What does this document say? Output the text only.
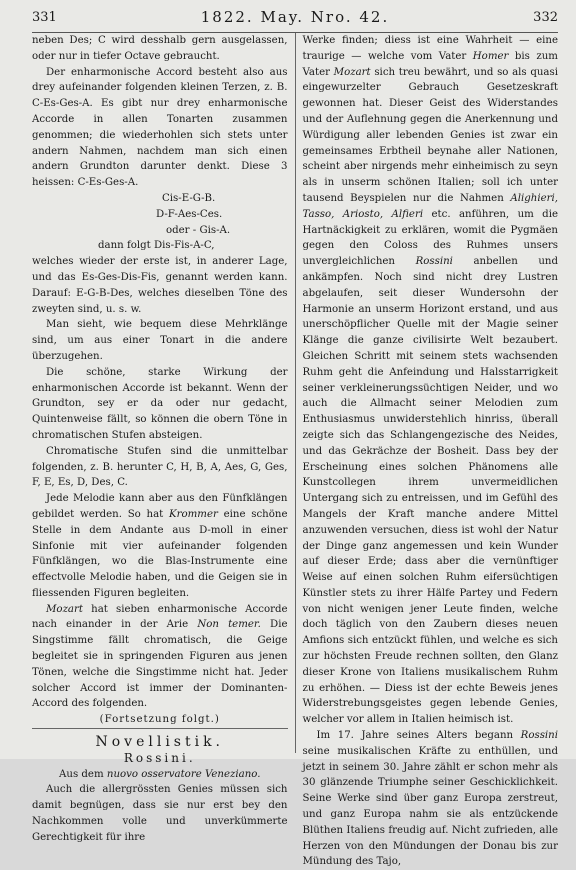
331	1822. May. Nro. 42.	332

neben Des; C wird desshalb gern ausgelassen, oder nur in tiefer Octave gebraucht.

Der enharmonische Accord besteht also aus drey aufeinander folgenden kleinen Terzen, z. B. C-Es-Ges-A. Es gibt nur drey enharmonische Accorde in allen Tonarten zusammen genommen; die wiederhohlen sich stets unter andern Nahmen, nachdem man sich einen andern Grundton darunter denkt. Diese 3 heissen: C-Es-Ges-A.

Cis-E-G-B.

D-F-Aes-Ces.

oder - Gis-A.

dann folgt Dis-Fis-A-C,

welches wieder der erste ist, in anderer Lage, und das Es-Ges-Dis-Fis, genannt werden kann. Darauf: E-G-B-Des, welches dieselben Töne des zweyten sind, u. s. w.

Man sieht, wie bequem diese Mehrklänge sind, um aus einer Tonart in die andere überzugehen.

Die schöne, starke Wirkung der enharmonischen Accorde ist bekannt. Wenn der Grundton, sey er da oder nur gedacht, Quintenweise fällt, so können die obern Töne in chromatischen Stufen absteigen.

Chromatische Stufen sind die unmittelbar folgenden, z. B. herunter C, H, B, A, Aes, G, Ges, F, E, Es, D, Des, C.

Jede Melodie kann aber aus den Fünfklängen gebildet werden. So hat Krommer eine schöne Stelle in dem Andante aus D-moll in einer Sinfonie mit vier aufeinander folgenden Fünfklängen, wo die Blas-Instrumente eine effectvolle Melodie haben, und die Geigen sie in fliessenden Figuren begleiten.

Mozart hat sieben enharmonische Accorde nach einander in der Arie Non temer. Die Singstimme fällt chromatisch, die Geige begleitet sie in springenden Figuren aus jenen Tönen, welche die Singstimme nicht hat. Jeder solcher Accord ist immer der Dominanten-Accord des folgenden.

(Fortsetzung folgt.)

Novellistik.

Rossini.

Aus dem nuovo osservatore Veneziano.

Auch die allergrössten Genies müssen sich damit begnügen, dass sie nur erst bey den Nachkommen volle und unverkümmerte Gerechtigkeit für ihre

Werke finden; diess ist eine Wahrheit — eine traurige — welche vom Vater Homer bis zum Vater Mozart sich treu bewährt, und so als quasi eingewurzelter Gebrauch Gesetzeskraft gewonnen hat. Dieser Geist des Widerstandes und der Auflehnung gegen die Anerkennung und Würdigung aller lebenden Genies ist zwar ein gemeinsames Erbtheil beynahe aller Nationen, scheint aber nirgends mehr einheimisch zu seyn als in unserm schönen Italien; soll ich unter tausend Beyspielen nur die Nahmen Alighieri, Tasso, Ariosto, Alfieri etc. anführen, um die Hartnäckigkeit zu erklären, womit die Pygmäen gegen den Coloss des Ruhmes unsers unvergleichlichen Rossini anbellen und ankämpfen. Noch sind nicht drey Lustren abgelaufen, seit dieser Wundersohn der Harmonie an unserm Horizont erstand, und aus unerschöpflicher Quelle mit der Magie seiner Klänge die ganze civilisirte Welt bezaubert. Gleichen Schritt mit seinem stets wachsenden Ruhm geht die Anfeindung und Halsstarrigkeit seiner verkleinerungssüchtigen Neider, und wo auch die Allmacht seiner Melodien zum Enthusiasmus unwiderstehlich hinriss, überall zeigte sich das Schlangengezische des Neides, und das Gekrächze der Bosheit. Dass bey der Erscheinung eines solchen Phänomens alle Kunstcollegen ihrem unvermeidlichen Untergang sich zu entreissen, und im Gefühl des Mangels der Kraft manche andere Mittel anzuwenden versuchen, diess ist wohl der Natur der Dinge ganz angemessen und kein Wunder auf dieser Erde; dass aber die vernünftiger Weise auf einen solchen Ruhm eifersüchtigen Künstler stets zu ihrer Hälfe Partey und Federn von nicht wenigen jener Leute finden, welche doch täglich von den Zaubern dieses neuen Amfions sich entzückt fühlen, und welche es sich zur höchsten Freude rechnen sollten, den Glanz dieser Krone von Italiens musikalischem Ruhm zu erhöhen. — Diess ist der echte Beweis jenes Widerstrebungsgeistes gegen lebende Genies, welcher vor allem in Italien heimisch ist.

Im 17. Jahre seines Alters begann Rossini seine musikalischen Kräfte zu enthüllen, und jetzt in seinem 30. Jahre zählt er schon mehr als 30 glänzende Triumphe seiner Geschicklichkeit. Seine Werke sind über ganz Europa zerstreut, und ganz Europa nahm sie als entzückende Blüthen Italiens freudig auf. Nicht zufrieden, alle Herzen von den Mündungen der Donau bis zur Mündung des Tajo,
